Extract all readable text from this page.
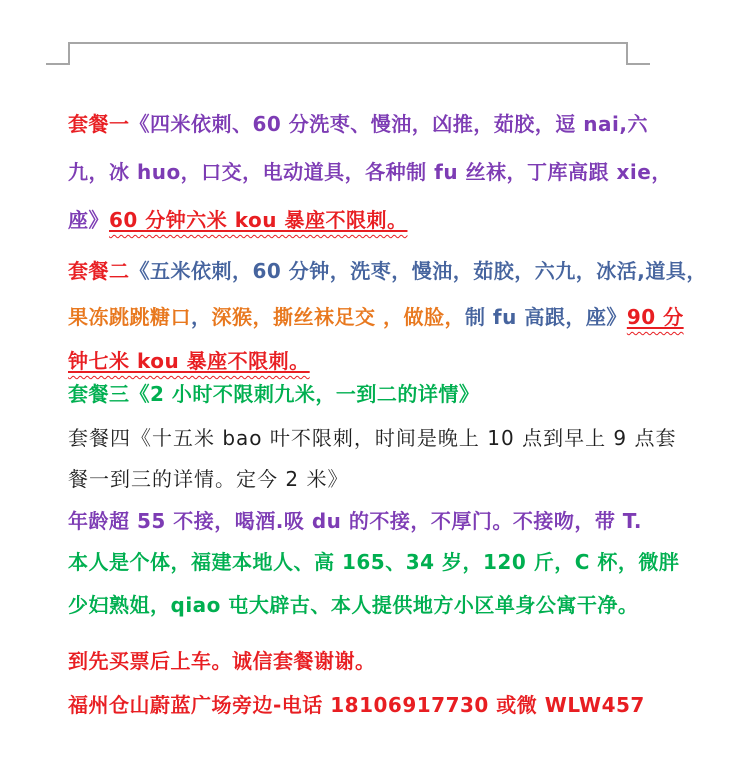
套餐一《四米依刺、60 分洗枣、慢油，凶推，茹胶，逗 nai,六
九，冰 huo，口交，电动道具，各种制 fu 丝袜，丁库高跟 xie，
座》60 分钟六米 kou 暴座不限刺。
套餐二《五米依刺，60 分钟，洗枣，慢油，茹胶，六九，冰活,道具，
果冻跳跳糖口，深猴，撕丝袜足交 ，做脸，制 fu 高跟，座》90 分
钟七米 kou 暴座不限刺。
套餐三《2 小时不限刺九米，一到二的详情》
套餐四《十五米 bao 叶不限刺，时间是晚上 10 点到早上 9 点套
餐一到三的详情。定今 2 米》
年龄超 55 不接，喝酒.吸 du 的不接，不厚门。不接吻，带 T.
本人是个体，福建本地人、高 165、34 岁，120 斤，C 杯，微胖
少妇熟姐，qiao 屯大辟古、本人提供地方小区单身公寓干净。
到先买票后上车。诚信套餐谢谢。
福州仓山蔚蓝广场旁边-电话 18106917730 或微 WLW457
